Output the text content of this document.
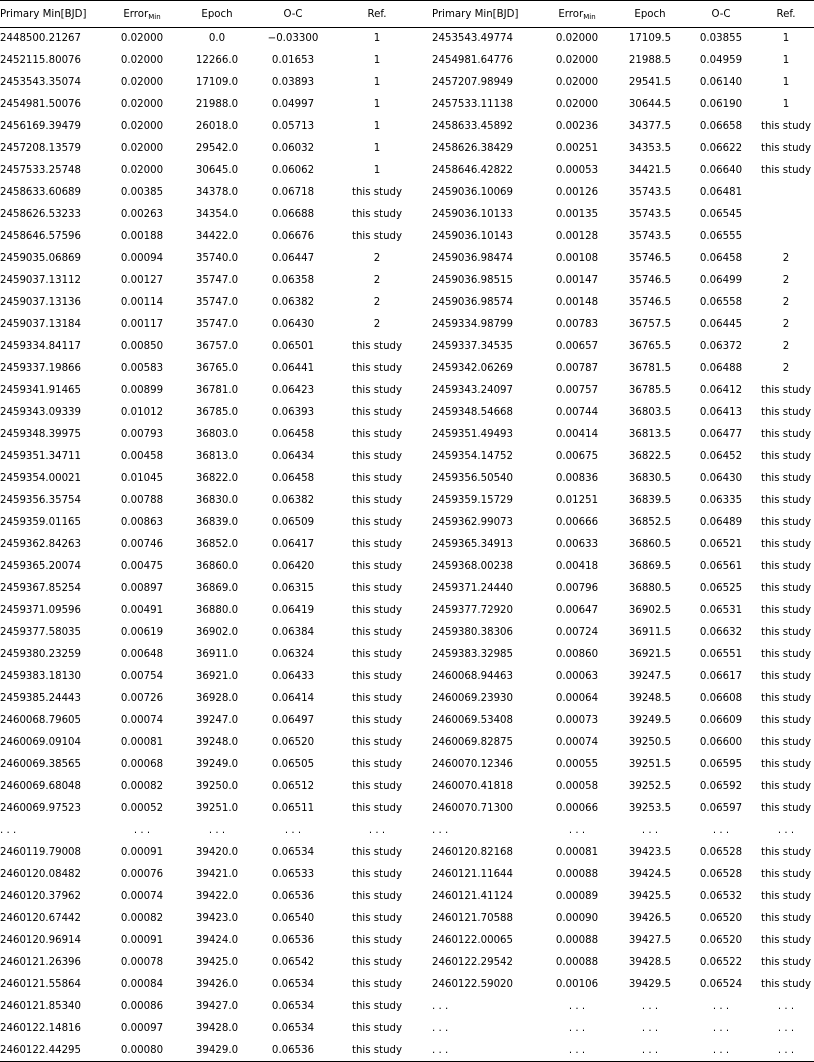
Primary Min[BJD]	Error$_{Min}$	Epoch	O-C	Ref.	Primary Min[BJD]	Error$_{Min}$	Epoch	O-C	Ref.
2448500.21267	0.02000	0.0	−0.03300	1	2453543.49774	0.02000	17109.5	0.03855	1
2452115.80076	0.02000	12266.0	0.01653	1	2454981.64776	0.02000	21988.5	0.04959	1
2453543.35074	0.02000	17109.0	0.03893	1	2457207.98949	0.02000	29541.5	0.06140	1
2454981.50076	0.02000	21988.0	0.04997	1	2457533.11138	0.02000	30644.5	0.06190	1
2456169.39479	0.02000	26018.0	0.05713	1	2458633.45892	0.00236	34377.5	0.06658	this study
2457208.13579	0.02000	29542.0	0.06032	1	2458626.38429	0.00251	34353.5	0.06622	this study
2457533.25748	0.02000	30645.0	0.06062	1	2458646.42822	0.00053	34421.5	0.06640	this study
2458633.60689	0.00385	34378.0	0.06718	this study	2459036.10069	0.00126	35743.5	0.06481	
2458626.53233	0.00263	34354.0	0.06688	this study	2459036.10133	0.00135	35743.5	0.06545	
2458646.57596	0.00188	34422.0	0.06676	this study	2459036.10143	0.00128	35743.5	0.06555	
2459035.06869	0.00094	35740.0	0.06447	2	2459036.98474	0.00108	35746.5	0.06458	2
2459037.13112	0.00127	35747.0	0.06358	2	2459036.98515	0.00147	35746.5	0.06499	2
2459037.13136	0.00114	35747.0	0.06382	2	2459036.98574	0.00148	35746.5	0.06558	2
2459037.13184	0.00117	35747.0	0.06430	2	2459334.98799	0.00783	36757.5	0.06445	2
2459334.84117	0.00850	36757.0	0.06501	this study	2459337.34535	0.00657	36765.5	0.06372	2
2459337.19866	0.00583	36765.0	0.06441	this study	2459342.06269	0.00787	36781.5	0.06488	2
2459341.91465	0.00899	36781.0	0.06423	this study	2459343.24097	0.00757	36785.5	0.06412	this study
2459343.09339	0.01012	36785.0	0.06393	this study	2459348.54668	0.00744	36803.5	0.06413	this study
2459348.39975	0.00793	36803.0	0.06458	this study	2459351.49493	0.00414	36813.5	0.06477	this study
2459351.34711	0.00458	36813.0	0.06434	this study	2459354.14752	0.00675	36822.5	0.06452	this study
2459354.00021	0.01045	36822.0	0.06458	this study	2459356.50540	0.00836	36830.5	0.06430	this study
2459356.35754	0.00788	36830.0	0.06382	this study	2459359.15729	0.01251	36839.5	0.06335	this study
2459359.01165	0.00863	36839.0	0.06509	this study	2459362.99073	0.00666	36852.5	0.06489	this study
2459362.84263	0.00746	36852.0	0.06417	this study	2459365.34913	0.00633	36860.5	0.06521	this study
2459365.20074	0.00475	36860.0	0.06420	this study	2459368.00238	0.00418	36869.5	0.06561	this study
2459367.85254	0.00897	36869.0	0.06315	this study	2459371.24440	0.00796	36880.5	0.06525	this study
2459371.09596	0.00491	36880.0	0.06419	this study	2459377.72920	0.00647	36902.5	0.06531	this study
2459377.58035	0.00619	36902.0	0.06384	this study	2459380.38306	0.00724	36911.5	0.06632	this study
2459380.23259	0.00648	36911.0	0.06324	this study	2459383.32985	0.00860	36921.5	0.06551	this study
2459383.18130	0.00754	36921.0	0.06433	this study	2460068.94463	0.00063	39247.5	0.06617	this study
2459385.24443	0.00726	36928.0	0.06414	this study	2460069.23930	0.00064	39248.5	0.06608	this study
2460068.79605	0.00074	39247.0	0.06497	this study	2460069.53408	0.00073	39249.5	0.06609	this study
2460069.09104	0.00081	39248.0	0.06520	this study	2460069.82875	0.00074	39250.5	0.06600	this study
2460069.38565	0.00068	39249.0	0.06505	this study	2460070.12346	0.00055	39251.5	0.06595	this study
2460069.68048	0.00082	39250.0	0.06512	this study	2460070.41818	0.00058	39252.5	0.06592	this study
2460069.97523	0.00052	39251.0	0.06511	this study	2460070.71300	0.00066	39253.5	0.06597	this study
. . .	. . .	. . .	. . .	. . .	. . .	. . .	. . .	. . .	. . .
2460119.79008	0.00091	39420.0	0.06534	this study	2460120.82168	0.00081	39423.5	0.06528	this study
2460120.08482	0.00076	39421.0	0.06533	this study	2460121.11644	0.00088	39424.5	0.06528	this study
2460120.37962	0.00074	39422.0	0.06536	this study	2460121.41124	0.00089	39425.5	0.06532	this study
2460120.67442	0.00082	39423.0	0.06540	this study	2460121.70588	0.00090	39426.5	0.06520	this study
2460120.96914	0.00091	39424.0	0.06536	this study	2460122.00065	0.00088	39427.5	0.06520	this study
2460121.26396	0.00078	39425.0	0.06542	this study	2460122.29542	0.00088	39428.5	0.06522	this study
2460121.55864	0.00084	39426.0	0.06534	this study	2460122.59020	0.00106	39429.5	0.06524	this study
2460121.85340	0.00086	39427.0	0.06534	this study	. . .	. . .	. . .	. . .	. . .
2460122.14816	0.00097	39428.0	0.06534	this study	. . .	. . .	. . .	. . .	. . .
2460122.44295	0.00080	39429.0	0.06536	this study	. . .	. . .	. . .	. . .	. . .
